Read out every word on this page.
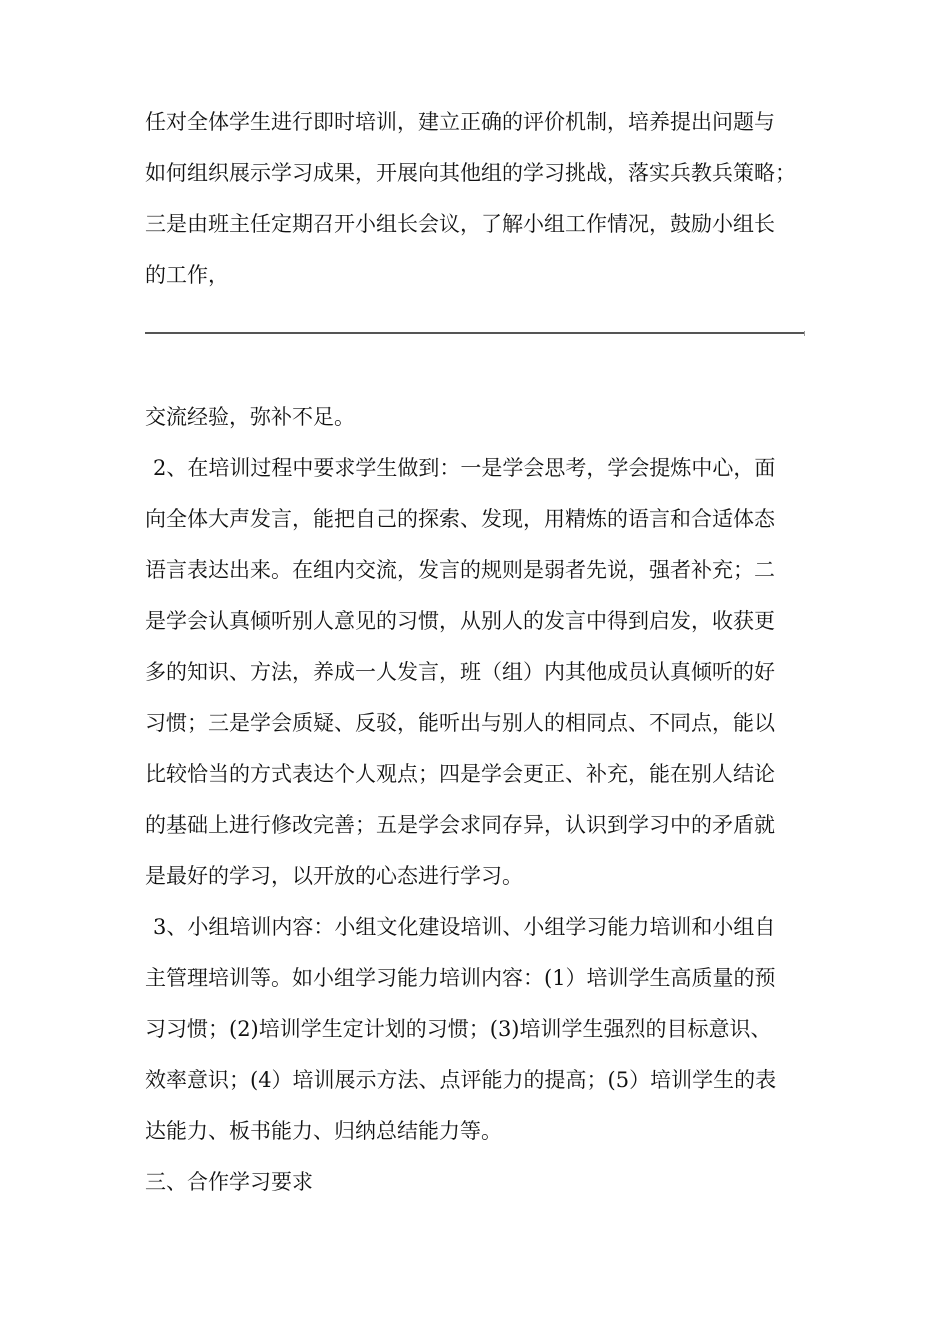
任对全体学生进行即时培训，建立正确的评价机制，培养提出问题与
如何组织展示学习成果，开展向其他组的学习挑战，落实兵教兵策略；
三是由班主任定期召开小组长会议，了解小组工作情况，鼓励小组长
的工作，
交流经验，弥补不足。
2、在培训过程中要求学生做到：一是学会思考，学会提炼中心，面
向全体大声发言，能把自己的探索、发现，用精炼的语言和合适体态
语言表达出来。在组内交流，发言的规则是弱者先说，强者补充；二
是学会认真倾听别人意见的习惯，从别人的发言中得到启发，收获更
多的知识、方法，养成一人发言，班（组）内其他成员认真倾听的好
习惯；三是学会质疑、反驳，能听出与别人的相同点、不同点，能以
比较恰当的方式表达个人观点；四是学会更正、补充，能在别人结论
的基础上进行修改完善；五是学会求同存异，认识到学习中的矛盾就
是最好的学习，以开放的心态进行学习。
3、小组培训内容：小组文化建设培训、小组学习能力培训和小组自
主管理培训等。如小组学习能力培训内容：(1）培训学生高质量的预
习习惯；(2)培训学生定计划的习惯；(3)培训学生强烈的目标意识、
效率意识；(4）培训展示方法、点评能力的提高；(5）培训学生的表
达能力、板书能力、归纳总结能力等。
三、合作学习要求
